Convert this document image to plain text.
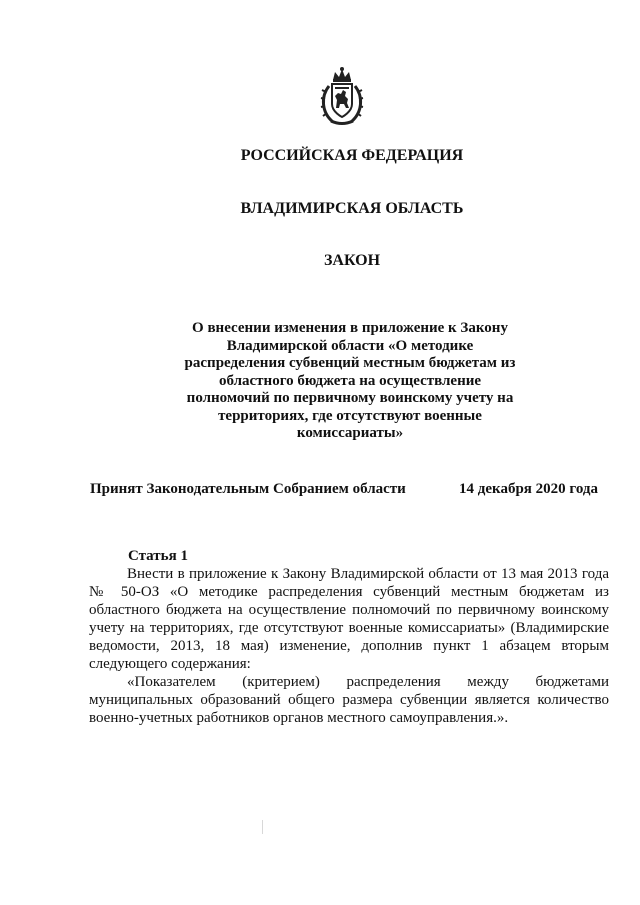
РОССИЙСКАЯ ФЕДЕРАЦИЯ
ВЛАДИМИРСКАЯ ОБЛАСТЬ
ЗАКОН
О внесении изменения в приложение к Закону Владимирской области «О методике распределения субвенций местным бюджетам из областного бюджета на осуществление полномочий по первичному воинскому учету на территориях, где отсутствуют военные комиссариаты»
Принят Законодательным Собранием области	14 декабря 2020 года
Статья 1

Внести в приложение к Закону Владимирской области от 13 мая 2013 года № 50-ОЗ «О методике распределения субвенций местным бюджетам из областного бюджета на осуществление полномочий по первичному воинскому учету на территориях, где отсутствуют военные комиссариаты» (Владимирские ведомости, 2013, 18 мая) изменение, дополнив пункт 1 абзацем вторым следующего содержания:

«Показателем (критерием) распределения между бюджетами муниципальных образований общего размера субвенции является количество военно-учетных работников органов местного самоуправления.».
